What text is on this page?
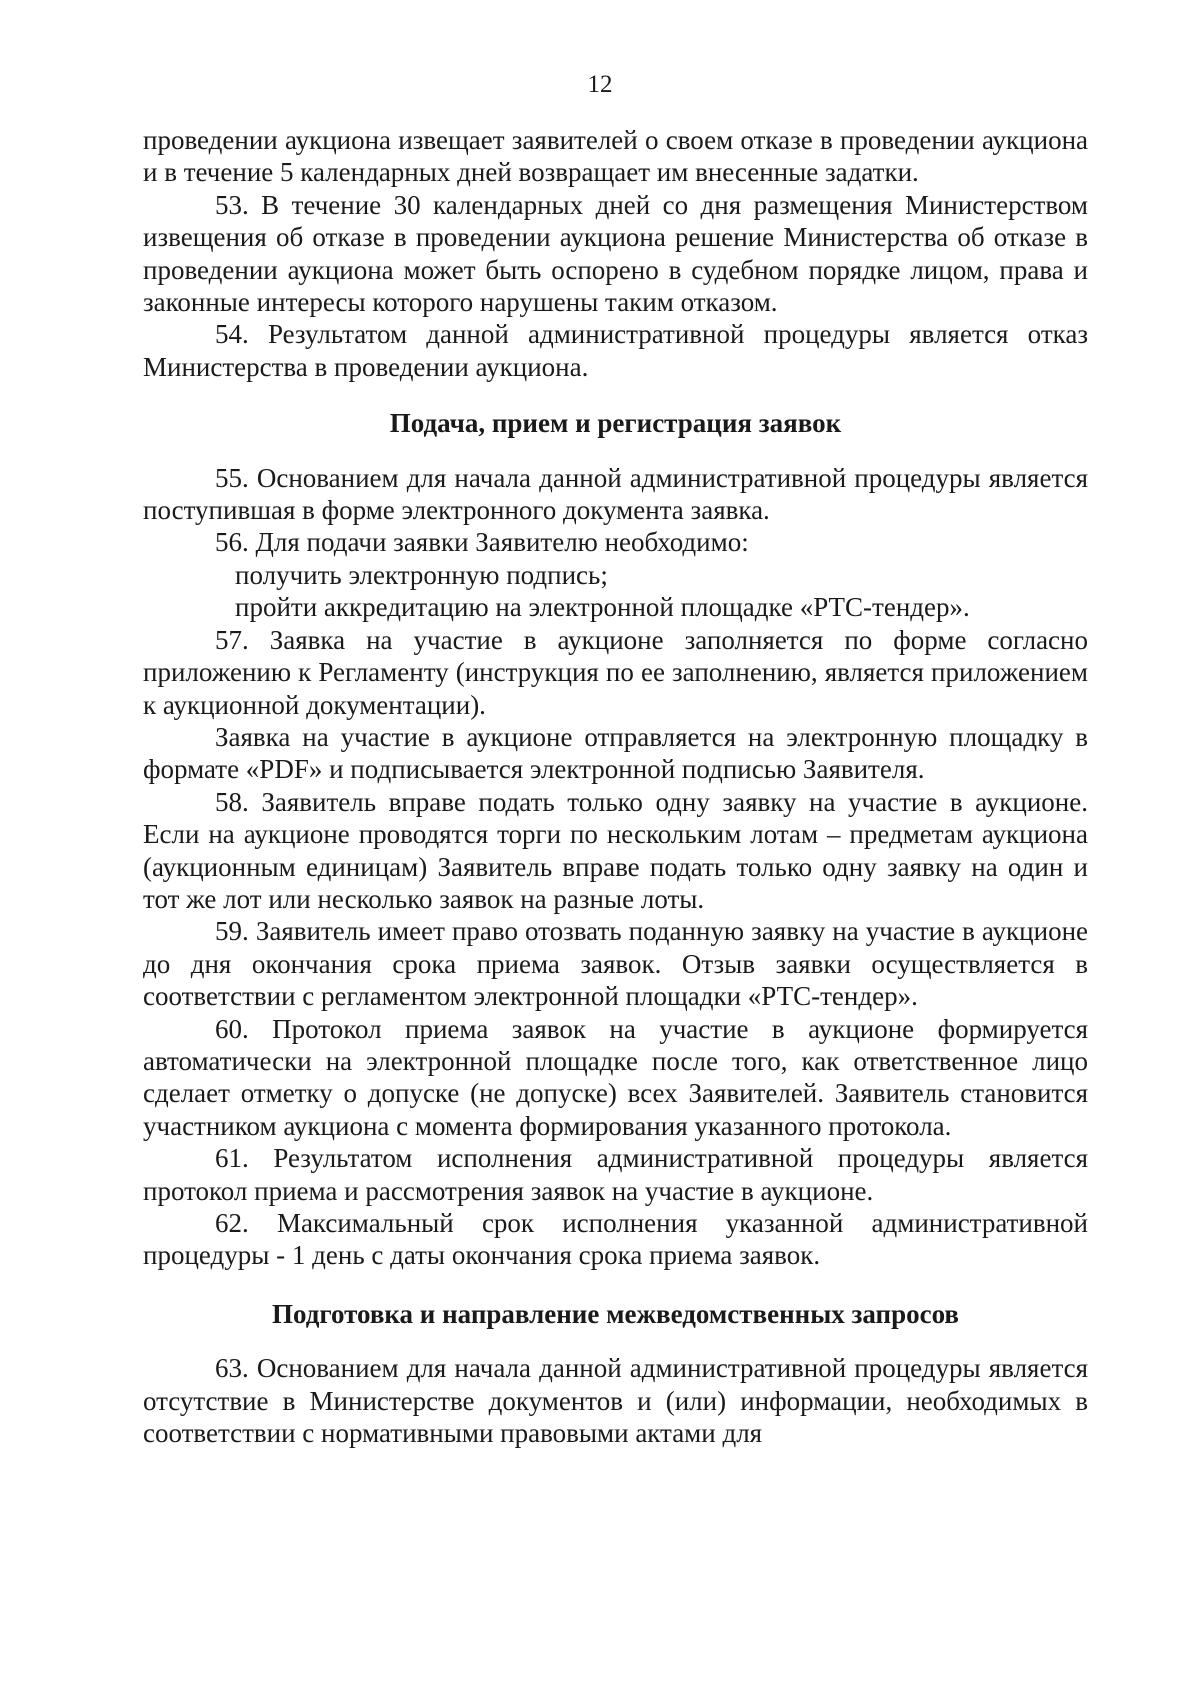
12

проведении аукциона извещает заявителей о своем отказе в проведении аукциона и в течение 5 календарных дней возвращает им внесенные задатки.

53. В течение 30 календарных дней со дня размещения Министерством извещения об отказе в проведении аукциона решение Министерства об отказе в проведении аукциона может быть оспорено в судебном порядке лицом, права и законные интересы которого нарушены таким отказом.

54. Результатом данной административной процедуры является отказ Министерства в проведении аукциона.

Подача, прием и регистрация заявок

55. Основанием для начала данной административной процедуры является поступившая в форме электронного документа заявка.

56. Для подачи заявки Заявителю необходимо:

получить электронную подпись;

пройти аккредитацию на электронной площадке «РТС-тендер».

57. Заявка на участие в аукционе заполняется по форме согласно приложению к Регламенту (инструкция по ее заполнению, является приложением к аукционной документации).

Заявка на участие в аукционе отправляется на электронную площадку в формате «PDF» и подписывается электронной подписью Заявителя.

58. Заявитель вправе подать только одну заявку на участие в аукционе. Если на аукционе проводятся торги по нескольким лотам – предметам аукциона (аукционным единицам) Заявитель вправе подать только одну заявку на один и тот же лот или несколько заявок на разные лоты.

59. Заявитель имеет право отозвать поданную заявку на участие в аукционе до дня окончания срока приема заявок. Отзыв заявки осуществляется в соответствии с регламентом электронной площадки «РТС-тендер».

60. Протокол приема заявок на участие в аукционе формируется автоматически на электронной площадке после того, как ответственное лицо сделает отметку о допуске (не допуске) всех Заявителей. Заявитель становится участником аукциона с момента формирования указанного протокола.

61. Результатом исполнения административной процедуры является протокол приема и рассмотрения заявок на участие в аукционе.

62. Максимальный срок исполнения указанной административной процедуры - 1 день с даты окончания срока приема заявок.

Подготовка и направление межведомственных запросов

63. Основанием для начала данной административной процедуры является отсутствие в Министерстве документов и (или) информации, необходимых в соответствии с нормативными правовыми актами для
